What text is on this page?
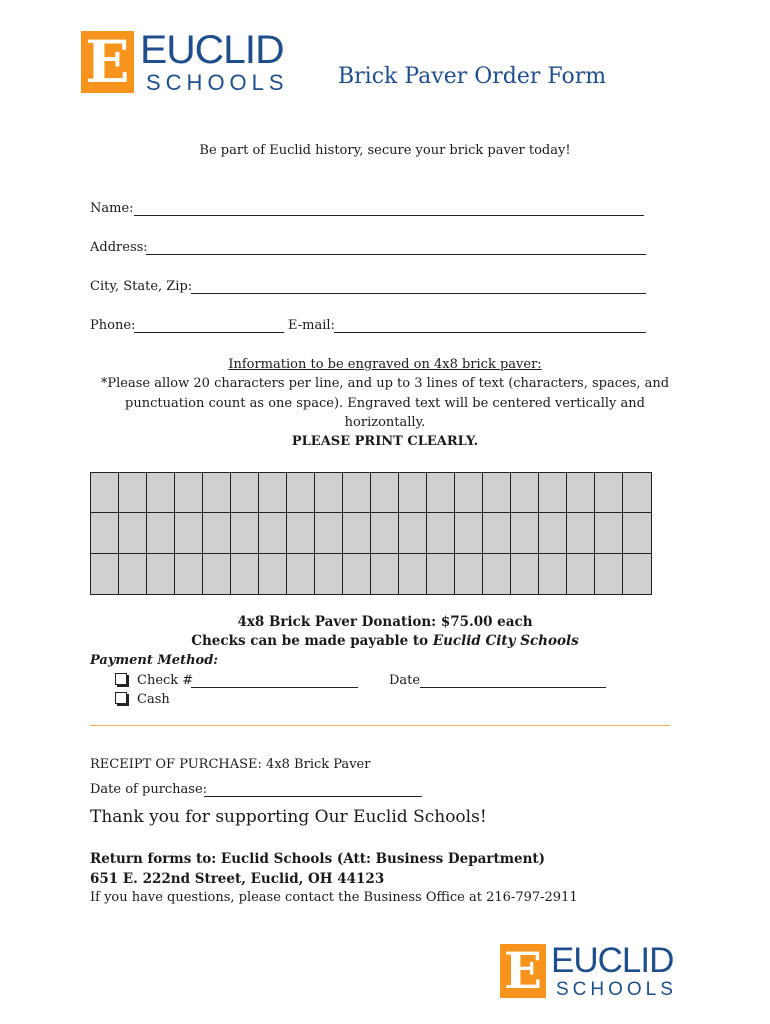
E EUCLID
SCHOOLS Brick Paver Order Form
Be part of Euclid history, secure your brick paver today!
Name:
Address:
City, State, Zip:
Phone:	E-mail:
Information to be engraved on 4x8 brick paver:
*Please allow 20 characters per line, and up to 3 lines of text (characters, spaces, and
punctuation count as one space). Engraved text will be centered vertically and
horizontally.
PLEASE PRINT CLEARLY.
4x8 Brick Paver Donation: $75.00 each
Checks can be made payable to Euclid City Schools
Payment Method:
Check #	Date
Cash
RECEIPT OF PURCHASE: 4x8 Brick Paver
Date of purchase:
Thank you for supporting Our Euclid Schools!
Return forms to: Euclid Schools (Att: Business Department)
651 E. 222nd Street, Euclid, OH 44123
If you have questions, please contact the Business Office at 216-797-2911
E EUCLID
SCHOOLS
